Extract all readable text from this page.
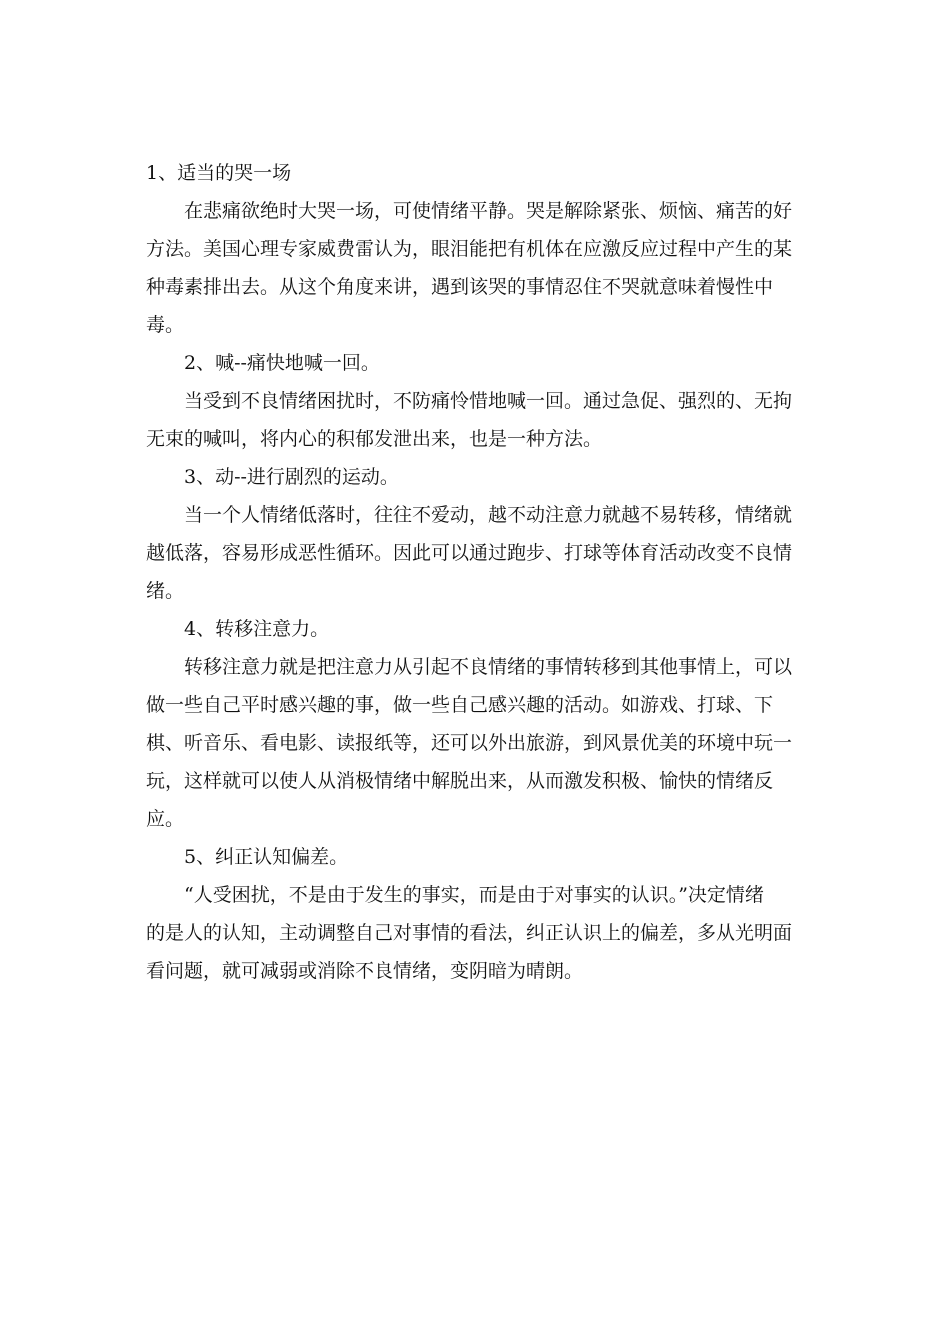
1、适当的哭一场
在悲痛欲绝时大哭一场，可使情绪平静。哭是解除紧张、烦恼、痛苦的好
方法。美国心理专家威费雷认为，眼泪能把有机体在应激反应过程中产生的某
种毒素排出去。从这个角度来讲，遇到该哭的事情忍住不哭就意味着慢性中
毒。
2、喊--痛快地喊一回。
当受到不良情绪困扰时，不防痛怜惜地喊一回。通过急促、强烈的、无拘
无束的喊叫，将内心的积郁发泄出来，也是一种方法。
3、动--进行剧烈的运动。
当一个人情绪低落时，往往不爱动，越不动注意力就越不易转移，情绪就
越低落，容易形成恶性循环。因此可以通过跑步、打球等体育活动改变不良情
绪。
4、转移注意力。
转移注意力就是把注意力从引起不良情绪的事情转移到其他事情上，可以
做一些自己平时感兴趣的事，做一些自己感兴趣的活动。如游戏、打球、下
棋、听音乐、看电影、读报纸等，还可以外出旅游，到风景优美的环境中玩一
玩，这样就可以使人从消极情绪中解脱出来，从而激发积极、愉快的情绪反
应。
5、纠正认知偏差。
“人受困扰，不是由于发生的事实，而是由于对事实的认识。”决定情绪
的是人的认知，主动调整自己对事情的看法，纠正认识上的偏差，多从光明面
看问题，就可减弱或消除不良情绪，变阴暗为晴朗。
